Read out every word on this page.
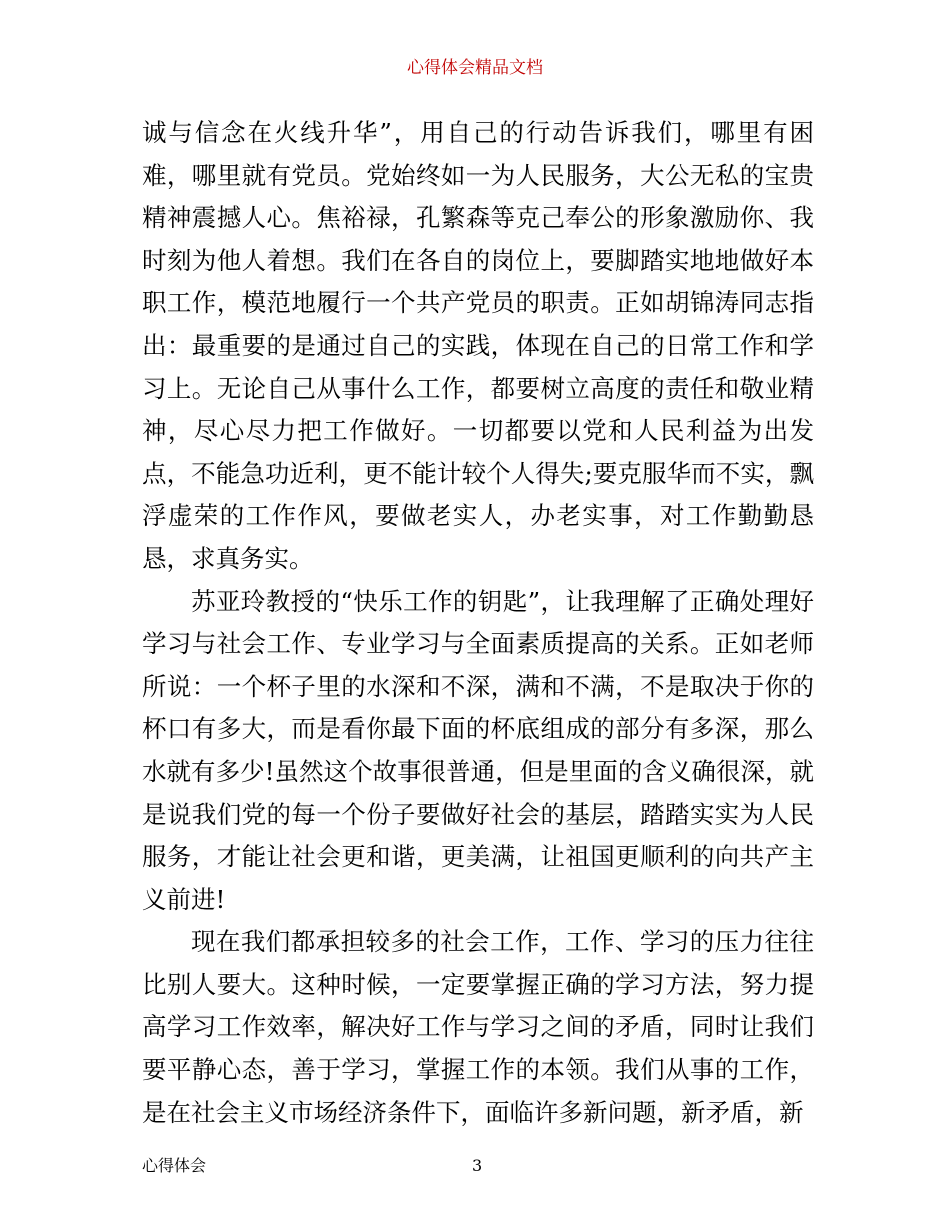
心得体会精品文档

诚与信念在火线升华”，用自己的行动告诉我们，哪里有困难，哪里就有党员。党始终如一为人民服务，大公无私的宝贵精神震撼人心。焦裕禄，孔繁森等克己奉公的形象激励你、我时刻为他人着想。我们在各自的岗位上，要脚踏实地地做好本职工作，模范地履行一个共产党员的职责。正如胡锦涛同志指出：最重要的是通过自己的实践，体现在自己的日常工作和学习上。无论自己从事什么工作，都要树立高度的责任和敬业精神，尽心尽力把工作做好。一切都要以党和人民利益为出发点，不能急功近利，更不能计较个人得失;要克服华而不实，飘浮虚荣的工作作风，要做老实人，办老实事，对工作勤勤恳恳，求真务实。

苏亚玲教授的“快乐工作的钥匙”，让我理解了正确处理好学习与社会工作、专业学习与全面素质提高的关系。正如老师所说：一个杯子里的水深和不深，满和不满，不是取决于你的杯口有多大，而是看你最下面的杯底组成的部分有多深，那么水就有多少!虽然这个故事很普通，但是里面的含义确很深，就是说我们党的每一个份子要做好社会的基层，踏踏实实为人民服务，才能让社会更和谐，更美满，让祖国更顺利的向共产主义前进!

现在我们都承担较多的社会工作，工作、学习的压力往往比别人要大。这种时候，一定要掌握正确的学习方法，努力提高学习工作效率，解决好工作与学习之间的矛盾，同时让我们要平静心态，善于学习，掌握工作的本领。我们从事的工作，是在社会主义市场经济条件下，面临许多新问题，新矛盾，新

心得体会	3
